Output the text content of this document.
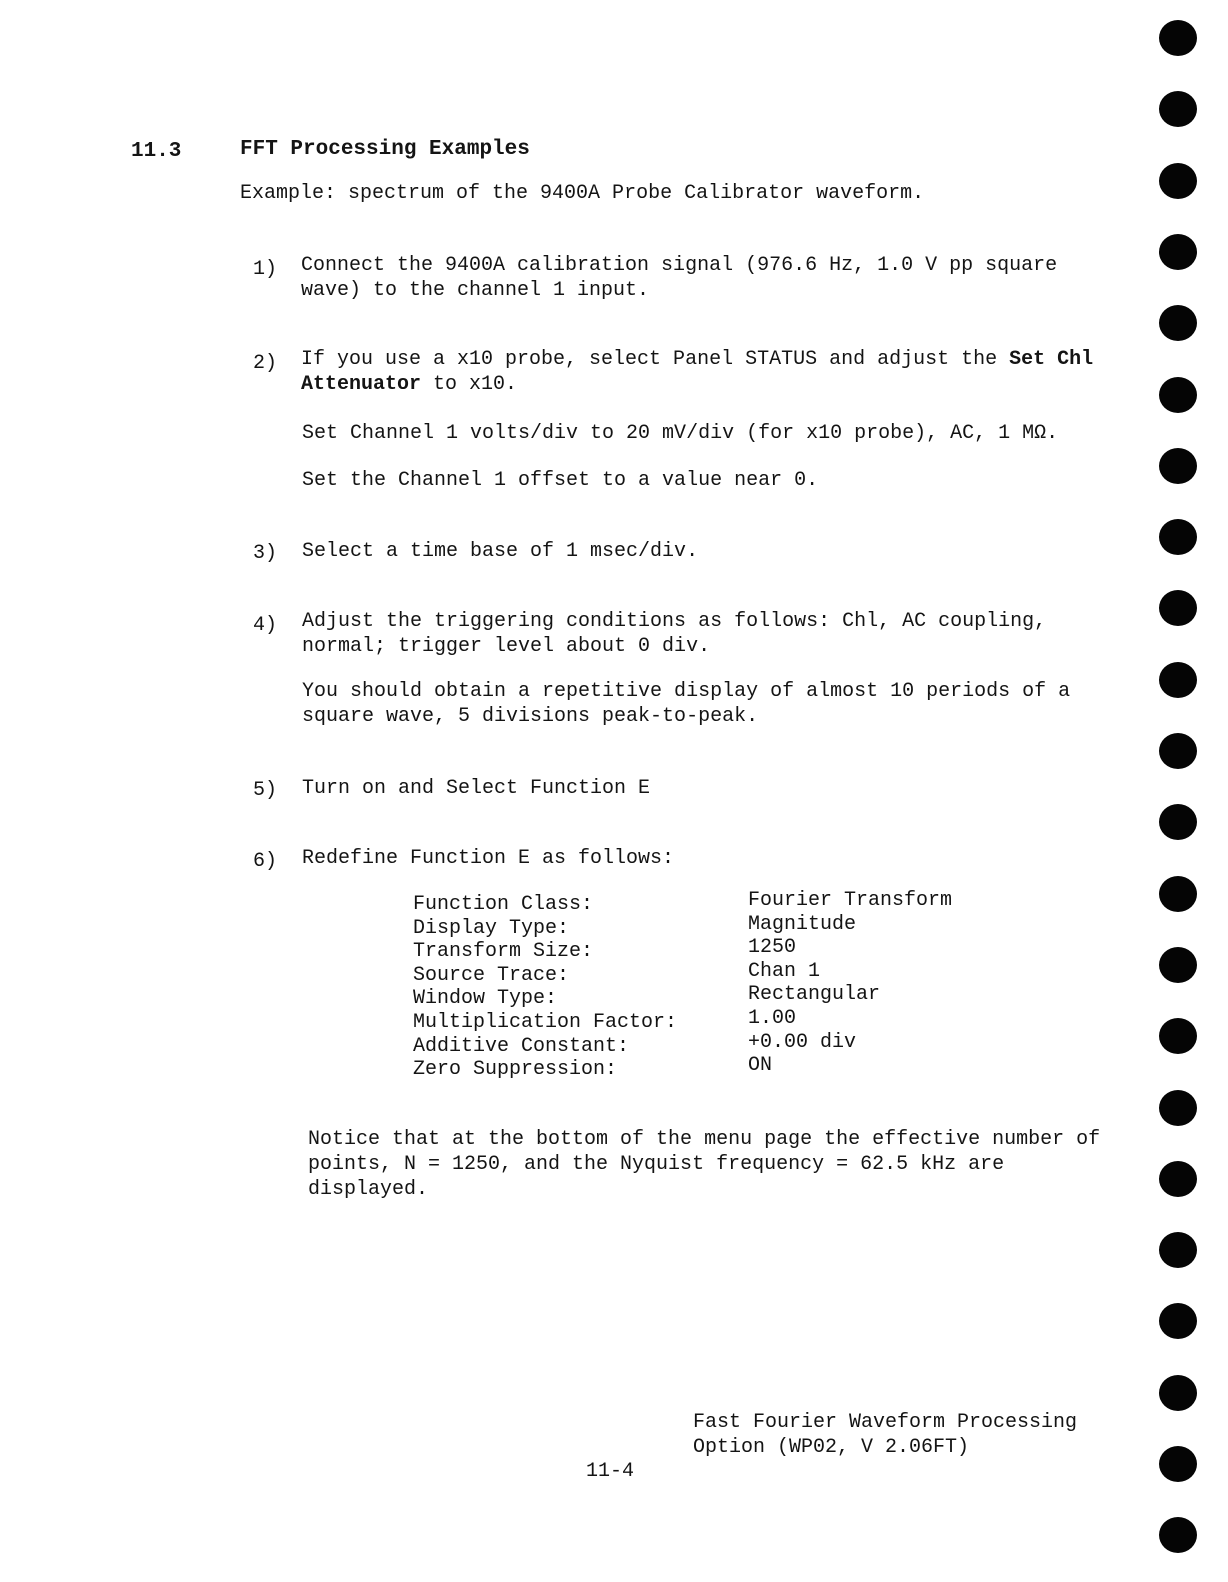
11.3	FFT Processing Examples
Example: spectrum of the 9400A Probe Calibrator waveform.
1) Connect the 9400A calibration signal (976.6 Hz, 1.0 V pp square
wave) to the channel 1 input.
2) If you use a x10 probe, select Panel STATUS and adjust the Set Chl
Attenuator to x10.
Set Channel 1 volts/div to 20 mV/div (for x10 probe), AC, 1 MΩ.
Set the Channel 1 offset to a value near 0.
3) Select a time base of 1 msec/div.
4) Adjust the triggering conditions as follows: Chl, AC coupling,
normal; trigger level about 0 div.
You should obtain a repetitive display of almost 10 periods of a
square wave, 5 divisions peak-to-peak.
5) Turn on and Select Function E
6) Redefine Function E as follows:
Function Class:
Display Type:
Transform Size:
Source Trace:
Window Type:
Multiplication Factor:
Additive Constant:
Zero Suppression:
Fourier Transform
Magnitude
1250
Chan 1
Rectangular
1.00
+0.00 div
ON
Notice that at the bottom of the menu page the effective number of
points, N = 1250, and the Nyquist frequency = 62.5 kHz are
displayed.
Fast Fourier Waveform Processing
Option (WP02, V 2.06FT)
11-4
